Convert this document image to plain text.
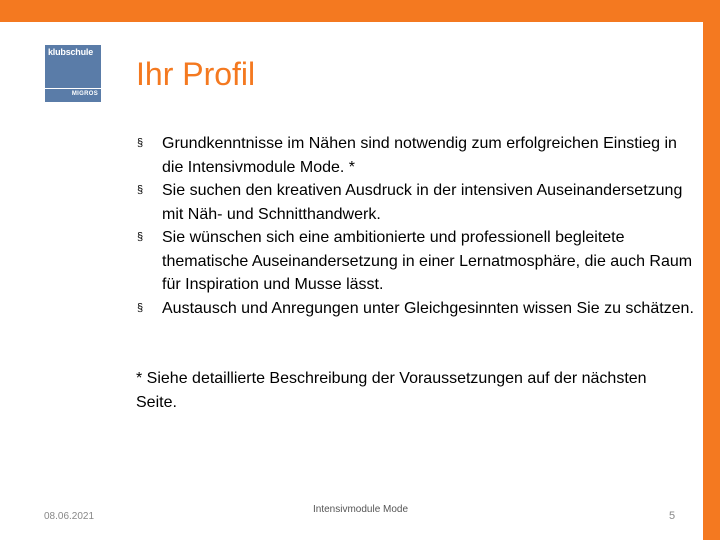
klubschule
MIGROS
Ihr Profil
§ Grundkenntnisse im Nähen sind notwendig zum erfolgreichen Einstieg in die Intensivmodule Mode. *
§ Sie suchen den kreativen Ausdruck in der intensiven Auseinandersetzung mit Näh- und Schnitthandwerk.
§ Sie wünschen sich eine ambitionierte und professionell begleitete thematische Auseinandersetzung in einer Lernatmosphäre, die auch Raum für Inspiration und Musse lässt.
§ Austausch und Anregungen unter Gleichgesinnten wissen Sie zu schätzen.

* Siehe detaillierte Beschreibung der Voraussetzungen auf der nächsten Seite.

08.06.2021
Intensivmodule Mode
5
